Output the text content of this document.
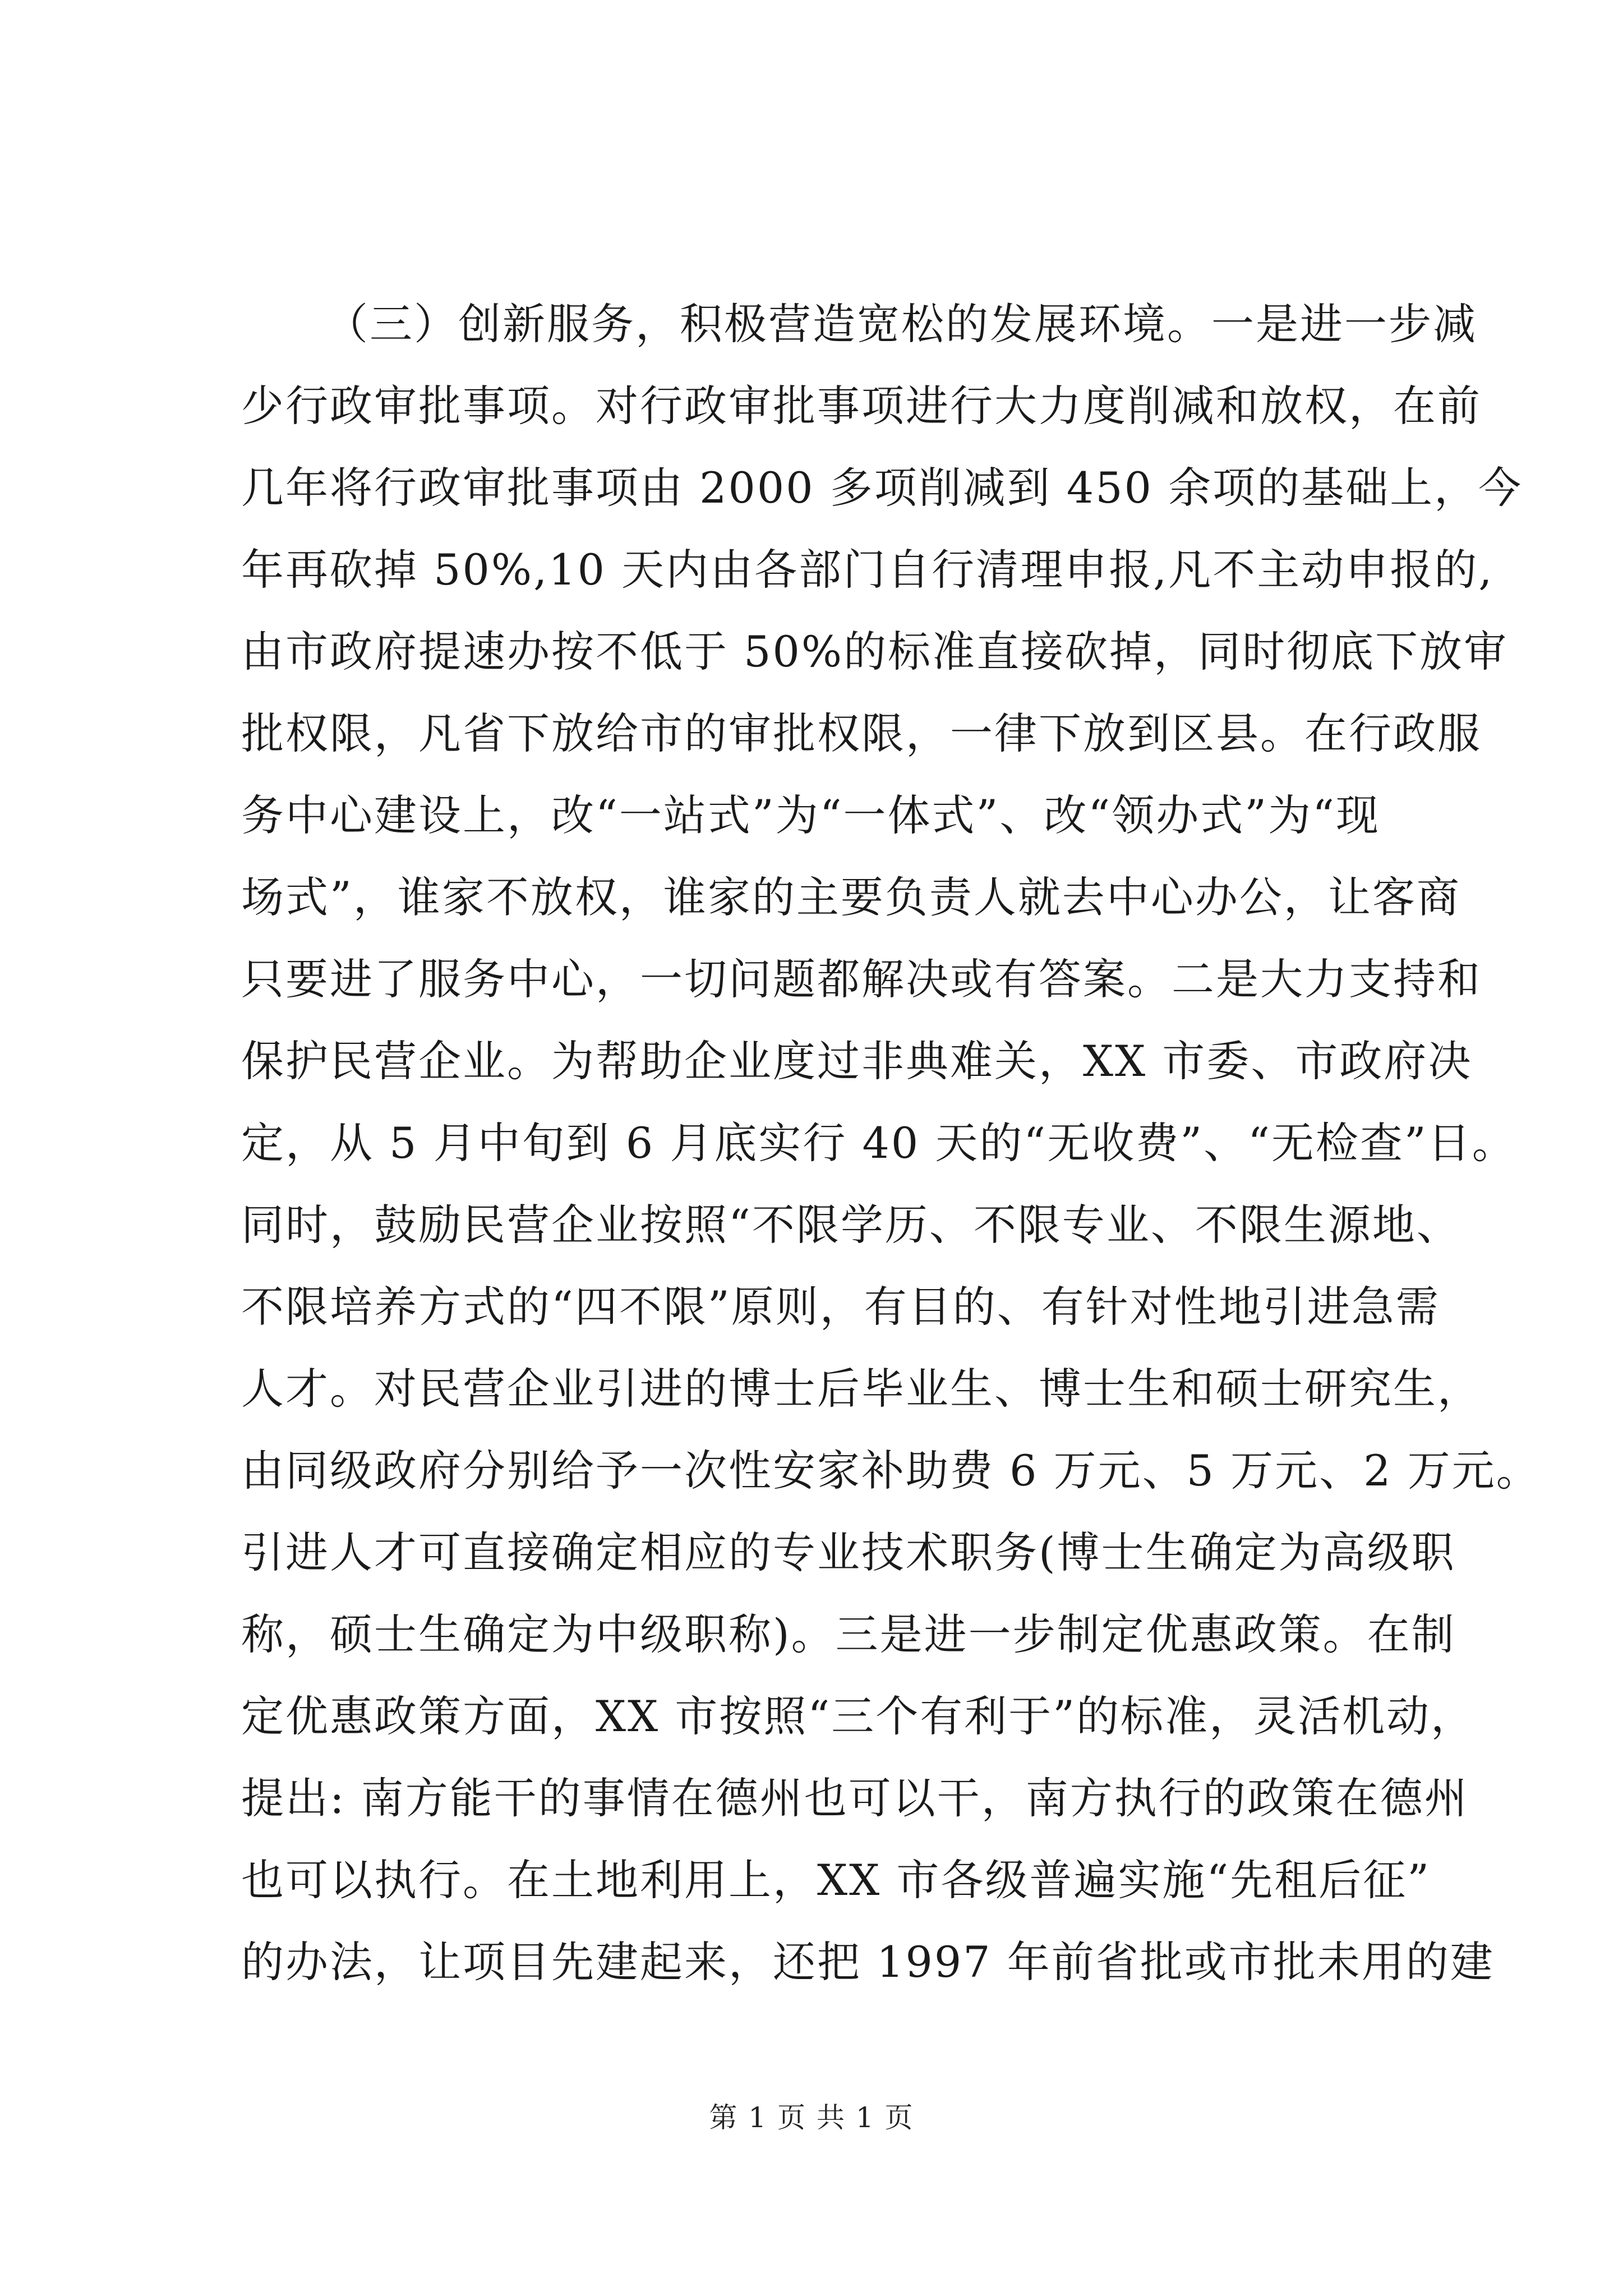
（三）创新服务，积极营造宽松的发展环境。一是进一步减
少行政审批事项。对行政审批事项进行大力度削减和放权，在前
几年将行政审批事项由 2000 多项削减到 450 余项的基础上，今
年再砍掉 50%,10 天内由各部门自行清理申报,凡不主动申报的,
由市政府提速办按不低于 50%的标准直接砍掉，同时彻底下放审
批权限，凡省下放给市的审批权限，一律下放到区县。在行政服
务中心建设上，改“一站式”为“一体式”、改“领办式”为“现
场式”，谁家不放权，谁家的主要负责人就去中心办公，让客商
只要进了服务中心，一切问题都解决或有答案。二是大力支持和
保护民营企业。为帮助企业度过非典难关，XX 市委、市政府决
定，从 5 月中旬到 6 月底实行 40 天的“无收费”、“无检查”日。
同时，鼓励民营企业按照“不限学历、不限专业、不限生源地、
不限培养方式的“四不限”原则，有目的、有针对性地引进急需
人才。对民营企业引进的博士后毕业生、博士生和硕士研究生，
由同级政府分别给予一次性安家补助费 6 万元、5 万元、2 万元。
引进人才可直接确定相应的专业技术职务(博士生确定为高级职
称，硕士生确定为中级职称)。三是进一步制定优惠政策。在制
定优惠政策方面，XX 市按照“三个有利于”的标准，灵活机动，
提出: 南方能干的事情在德州也可以干，南方执行的政策在德州
也可以执行。在土地利用上，XX 市各级普遍实施“先租后征”
的办法，让项目先建起来，还把 1997 年前省批或市批未用的建
第 1 页 共 1 页
